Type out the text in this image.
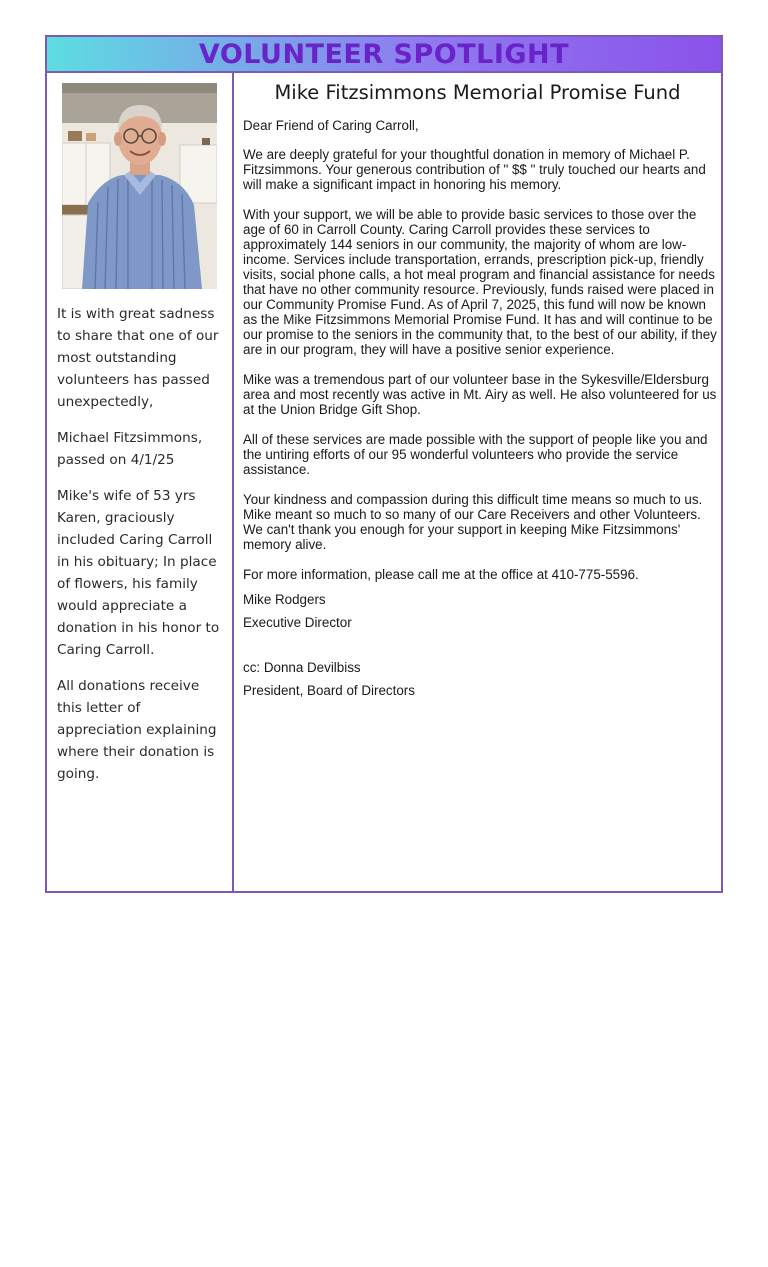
VOLUNTEER SPOTLIGHT

It is with great sadness to share that one of our most outstanding volunteers has passed unexpectedly,

Michael Fitzsimmons, passed on 4/1/25

Mike's wife of 53 yrs Karen, graciously included Caring Carroll in his obituary; In place of flowers, his family would appreciate a donation in his honor to Caring Carroll.

All donations receive this letter of appreciation explaining where their donation is going.

Mike Fitzsimmons Memorial Promise Fund

Dear Friend of Caring Carroll,

We are deeply grateful for your thoughtful donation in memory of Michael P. Fitzsimmons. Your generous contribution of " $$ " truly touched our hearts and will make a significant impact in honoring his memory.

With your support, we will be able to provide basic services to those over the age of 60 in Carroll County. Caring Carroll provides these services to approximately 144 seniors in our community, the majority of whom are low-income. Services include transportation, errands, prescription pick-up, friendly visits, social phone calls, a hot meal program and financial assistance for needs that have no other community resource. Previously, funds raised were placed in our Community Promise Fund. As of April 7, 2025, this fund will now be known as the Mike Fitzsimmons Memorial Promise Fund. It has and will continue to be our promise to the seniors in the community that, to the best of our ability, if they are in our program, they will have a positive senior experience.

Mike was a tremendous part of our volunteer base in the Sykesville/Eldersburg area and most recently was active in Mt. Airy as well. He also volunteered for us at the Union Bridge Gift Shop.

All of these services are made possible with the support of people like you and the untiring efforts of our 95 wonderful volunteers who provide the service assistance.

Your kindness and compassion during this difficult time means so much to us. Mike meant so much to so many of our Care Receivers and other Volunteers. We can't thank you enough for your support in keeping Mike Fitzsimmons' memory alive.

For more information, please call me at the office at 410-775-5596.

Mike Rodgers

Executive Director

cc: Donna Devilbiss

President, Board of Directors
